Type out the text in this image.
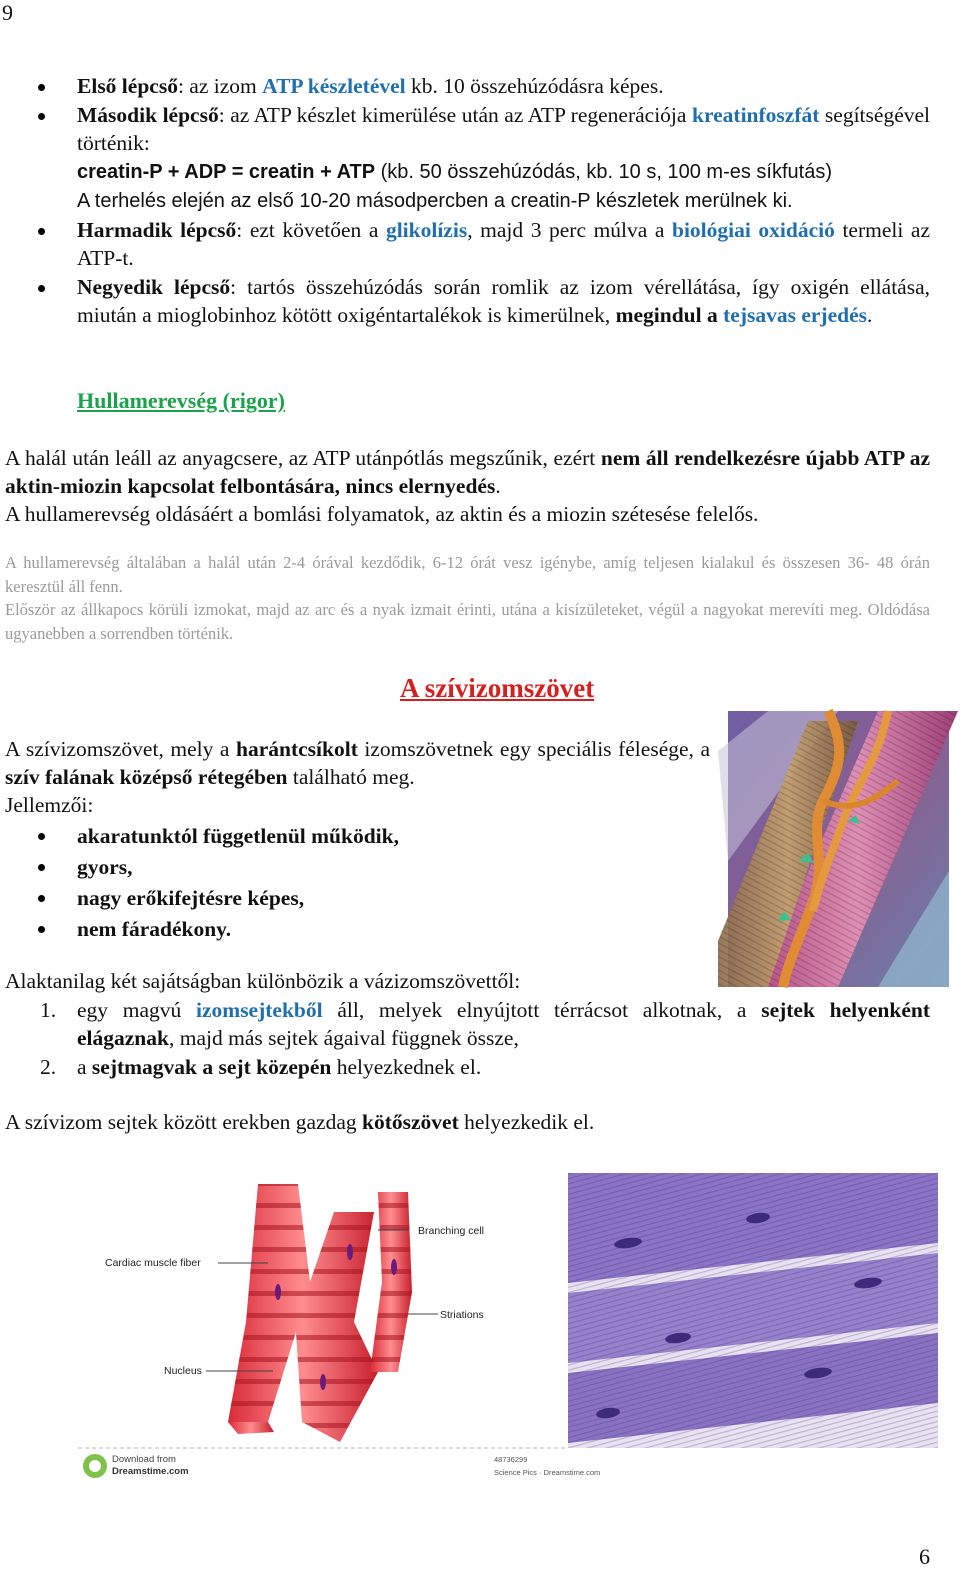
9
Első lépcső: az izom ATP készletével kb. 10 összehúzódásra képes.
Második lépcső: az ATP készlet kimerülése után az ATP regenerációja kreatinfoszfát segítségével történik:
creatin-P + ADP = creatin + ATP (kb. 50 összehúzódás, kb. 10 s, 100 m-es síkfutás)
A terhelés elején az első 10-20 másodpercben a creatin-P készletek merülnek ki.
Harmadik lépcső: ezt követően a glikolízis, majd 3 perc múlva a biológiai oxidáció termeli az ATP-t.
Negyedik lépcső: tartós összehúzódás során romlik az izom vérellátása, így oxigén ellátása, miután a mioglobinhoz kötött oxigéntartalékok is kimerülnek, megindul a tejsavas erjedés.
Hullamerevség (rigor)
A halál után leáll az anyagcsere, az ATP utánpótlás megszűnik, ezért nem áll rendelkezésre újabb ATP az aktin-miozin kapcsolat felbontására, nincs elernyedés.
A hullamerevség oldásáért a bomlási folyamatok, az aktin és a miozin szétesése felelős.
A hullamerevség általában a halál után 2-4 órával kezdődik, 6-12 órát vesz igénybe, amíg teljesen kialakul és összesen 36- 48 órán keresztül áll fenn.
Először az állkapocs körüli izmokat, majd az arc és a nyak izmait érinti, utána a kisízületeket, végül a nagyokat merevíti meg. Oldódása ugyanebben a sorrendben történik.
A szívizomszövet
A szívizomszövet, mely a harántcsíkolt izomszövetnek egy speciális félesége, a szív falának középső rétegében található meg.
Jellemzői:
akaratunktól függetlenül működik,
gyors,
nagy erőkifejtésre képes,
nem fáradékony.
Alaktanilag két sajátságban különbözik a vázizomszövettől:
1. egy magvú izomsejtekből áll, melyek elnyújtott térrácsot alkotnak, a sejtek helyenként elágaznak, majd más sejtek ágaival függnek össze,
2. a sejtmagvak a sejt közepén helyezkednek el.
A szívizom sejtek között erekben gazdag kötőszövet helyezkedik el.
Cardiac muscle fiber
Branching cell
Striations
Nucleus
Download from
Dreamstime.com
48736299
Science Pics · Dreamstime.com
6
